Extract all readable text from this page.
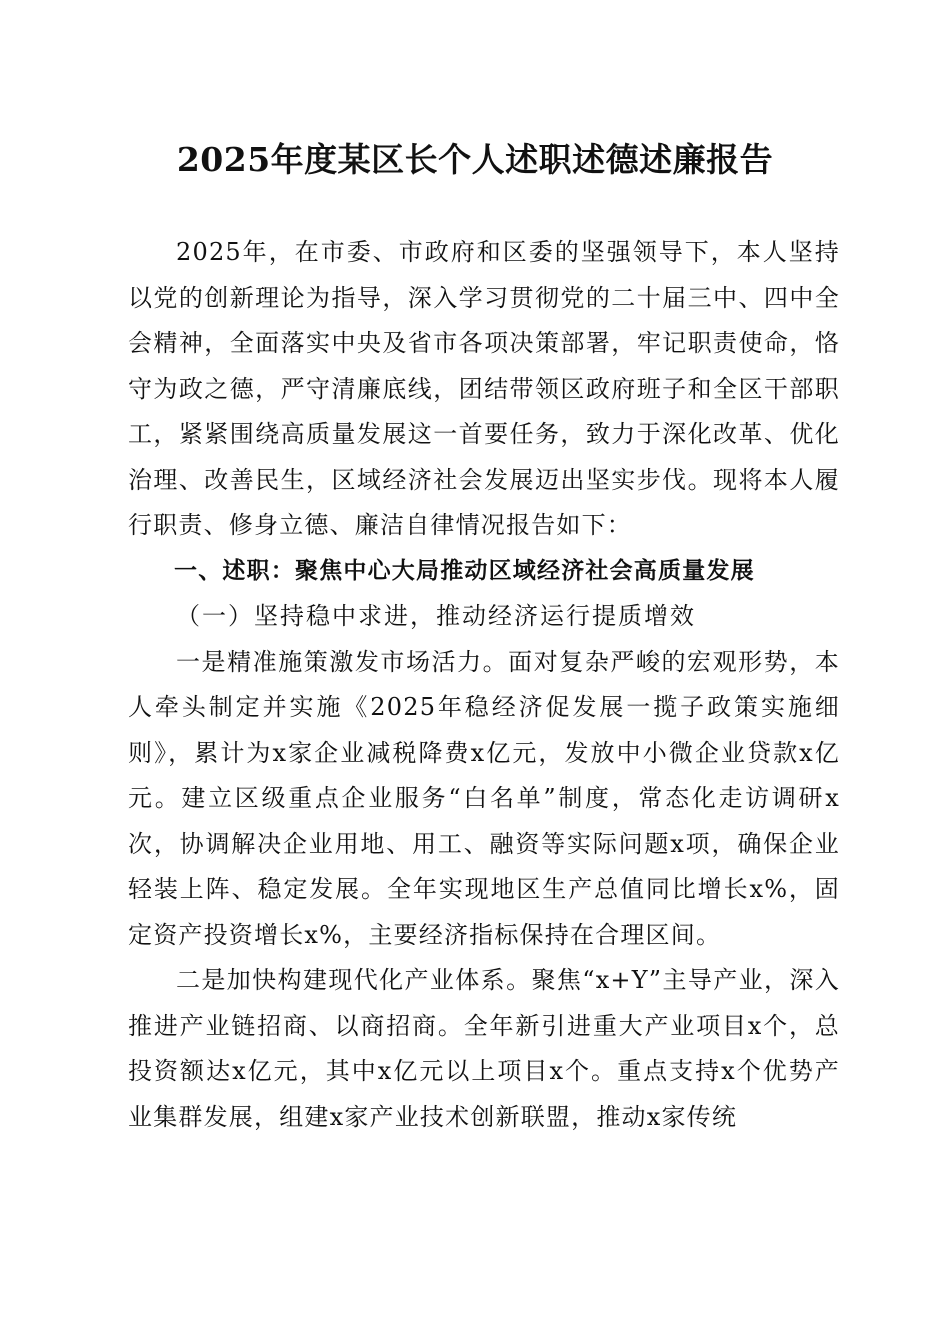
2025年度某区长个人述职述德述廉报告

2025年，在市委、市政府和区委的坚强领导下，本人坚持以党的创新理论为指导，深入学习贯彻党的二十届三中、四中全会精神，全面落实中央及省市各项决策部署，牢记职责使命，恪守为政之德，严守清廉底线，团结带领区政府班子和全区干部职工，紧紧围绕高质量发展这一首要任务，致力于深化改革、优化治理、改善民生，区域经济社会发展迈出坚实步伐。现将本人履行职责、修身立德、廉洁自律情况报告如下：

一、述职：聚焦中心大局推动区域经济社会高质量发展

（一）坚持稳中求进，推动经济运行提质增效

一是精准施策激发市场活力。面对复杂严峻的宏观形势，本人牵头制定并实施《2025年稳经济促发展一揽子政策实施细则》，累计为x家企业减税降费x亿元，发放中小微企业贷款x亿元。建立区级重点企业服务“白名单”制度，常态化走访调研x次，协调解决企业用地、用工、融资等实际问题x项，确保企业轻装上阵、稳定发展。全年实现地区生产总值同比增长x%，固定资产投资增长x%，主要经济指标保持在合理区间。

二是加快构建现代化产业体系。聚焦“x+Y”主导产业，深入推进产业链招商、以商招商。全年新引进重大产业项目x个，总投资额达x亿元，其中x亿元以上项目x个。重点支持x个优势产业集群发展，组建x家产业技术创新联盟，推动x家传统
